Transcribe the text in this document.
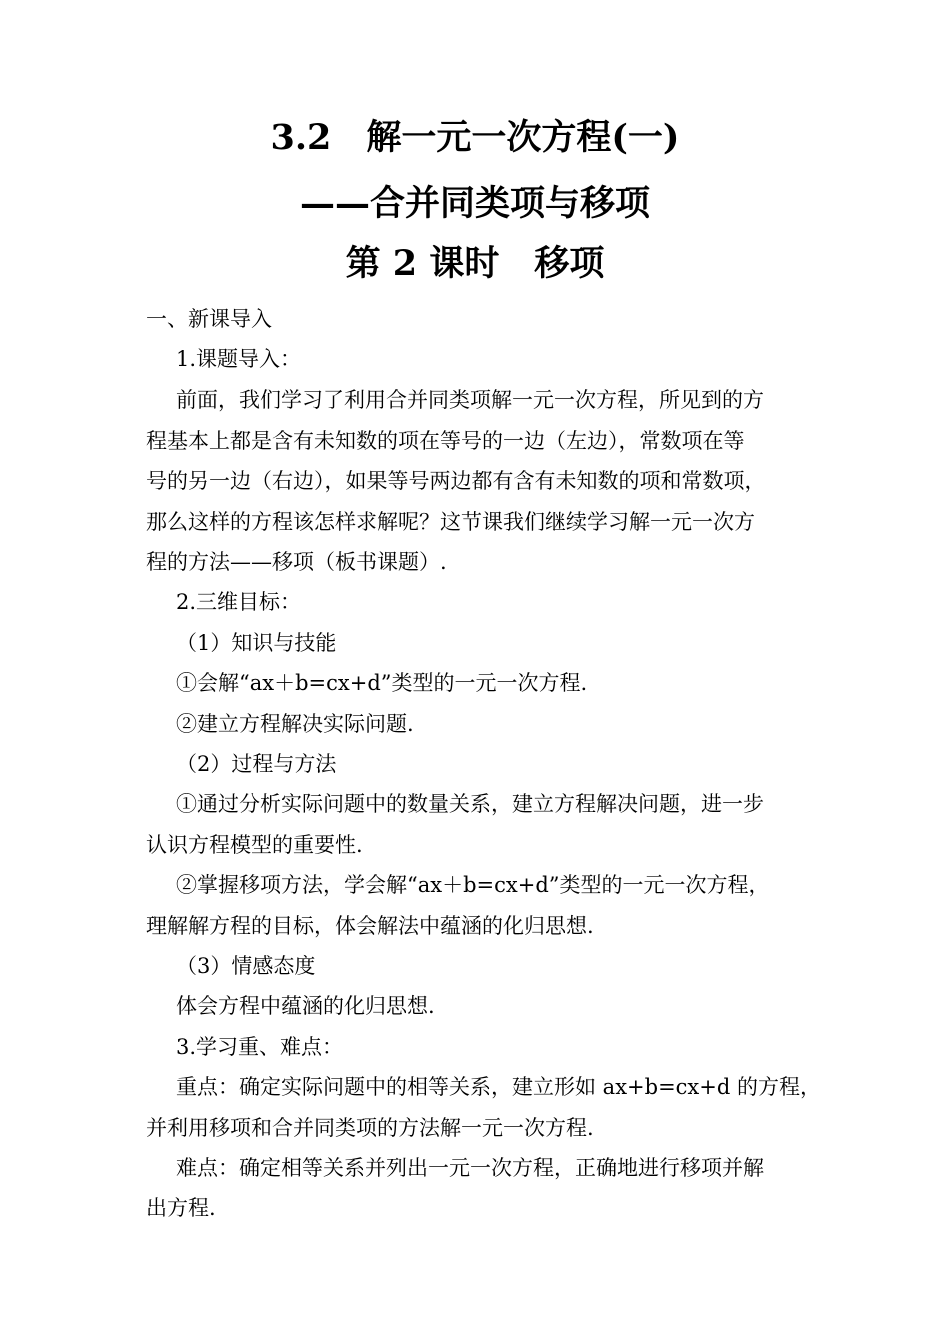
3.2　解一元一次方程(一)
——合并同类项与移项
第 2 课时　移项
一、新课导入
1.课题导入：
前面，我们学习了利用合并同类项解一元一次方程，所见到的方
程基本上都是含有未知数的项在等号的一边（左边），常数项在等
号的另一边（右边），如果等号两边都有含有未知数的项和常数项，
那么这样的方程该怎样求解呢？这节课我们继续学习解一元一次方
程的方法——移项（板书课题）.
2.三维目标：
（1）知识与技能
①会解“ax＋b=cx+d”类型的一元一次方程.
②建立方程解决实际问题.
（2）过程与方法
①通过分析实际问题中的数量关系，建立方程解决问题，进一步
认识方程模型的重要性.
②掌握移项方法，学会解“ax＋b=cx+d”类型的一元一次方程，
理解解方程的目标，体会解法中蕴涵的化归思想.
（3）情感态度
体会方程中蕴涵的化归思想.
3.学习重、难点：
重点：确定实际问题中的相等关系，建立形如 ax+b=cx+d 的方程，
并利用移项和合并同类项的方法解一元一次方程.
难点：确定相等关系并列出一元一次方程，正确地进行移项并解
出方程.
